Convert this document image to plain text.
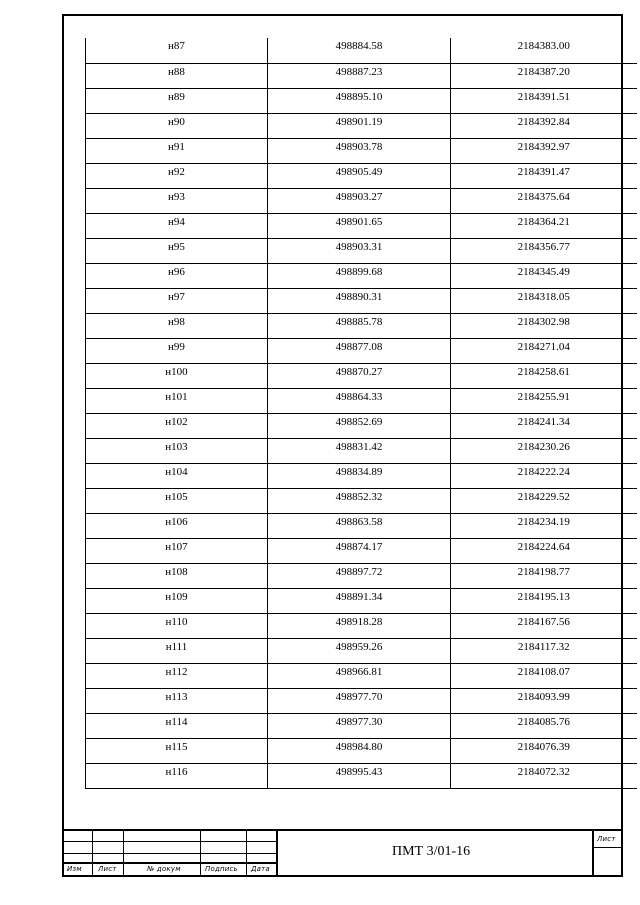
н87	498884.58	2184383.00
н88	498887.23	2184387.20
н89	498895.10	2184391.51
н90	498901.19	2184392.84
н91	498903.78	2184392.97
н92	498905.49	2184391.47
н93	498903.27	2184375.64
н94	498901.65	2184364.21
н95	498903.31	2184356.77
н96	498899.68	2184345.49
н97	498890.31	2184318.05
н98	498885.78	2184302.98
н99	498877.08	2184271.04
н100	498870.27	2184258.61
н101	498864.33	2184255.91
н102	498852.69	2184241.34
н103	498831.42	2184230.26
н104	498834.89	2184222.24
н105	498852.32	2184229.52
н106	498863.58	2184234.19
н107	498874.17	2184224.64
н108	498897.72	2184198.77
н109	498891.34	2184195.13
н110	498918.28	2184167.56
н111	498959.26	2184117.32
н112	498966.81	2184108.07
н113	498977.70	2184093.99
н114	498977.30	2184085.76
н115	498984.80	2184076.39
н116	498995.43	2184072.32
Изм Лист	№ докум	Подпись Дата
Лист
ПМТ 3/01-16
